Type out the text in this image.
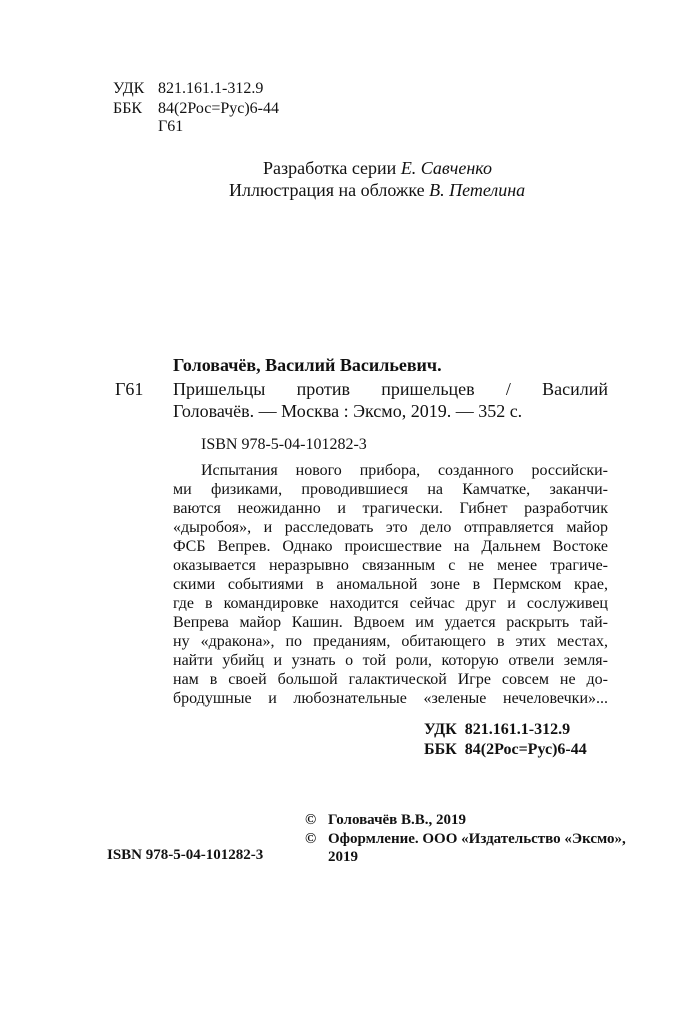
УДК 821.161.1-312.9
ББК 84(2Рос=Рус)6-44
Г61
Разработка серии Е. Савченко
Иллюстрация на обложке В. Петелина
Головачёв, Василий Васильевич.
Г61 Пришельцы против пришельцев / Василий
Головачёв. — Москва : Эксмо, 2019. — 352 с.
ISBN 978-5-04-101282-3
Испытания нового прибора, созданного российски-
ми физиками, проводившиеся на Камчатке, заканчи-
ваются неожиданно и трагически. Гибнет разработчик
«дыробоя», и расследовать это дело отправляется майор
ФСБ Вепрев. Однако происшествие на Дальнем Востоке
оказывается неразрывно связанным с не менее трагиче-
скими событиями в аномальной зоне в Пермском крае,
где в командировке находится сейчас друг и сослуживец
Вепрева майор Кашин. Вдвоем им удается раскрыть тай-
ну «дракона», по преданиям, обитающего в этих местах,
найти убийц и узнать о той роли, которую отвели земля-
нам в своей большой галактической Игре совсем не до-
бродушные и любознательные «зеленые нечеловечки»...
УДК  821.161.1-312.9
ББК  84(2Рос=Рус)6-44
ISBN 978-5-04-101282-3
© Головачёв В.В., 2019
© Оформление. ООО «Издательство «Эксмо»,
2019
